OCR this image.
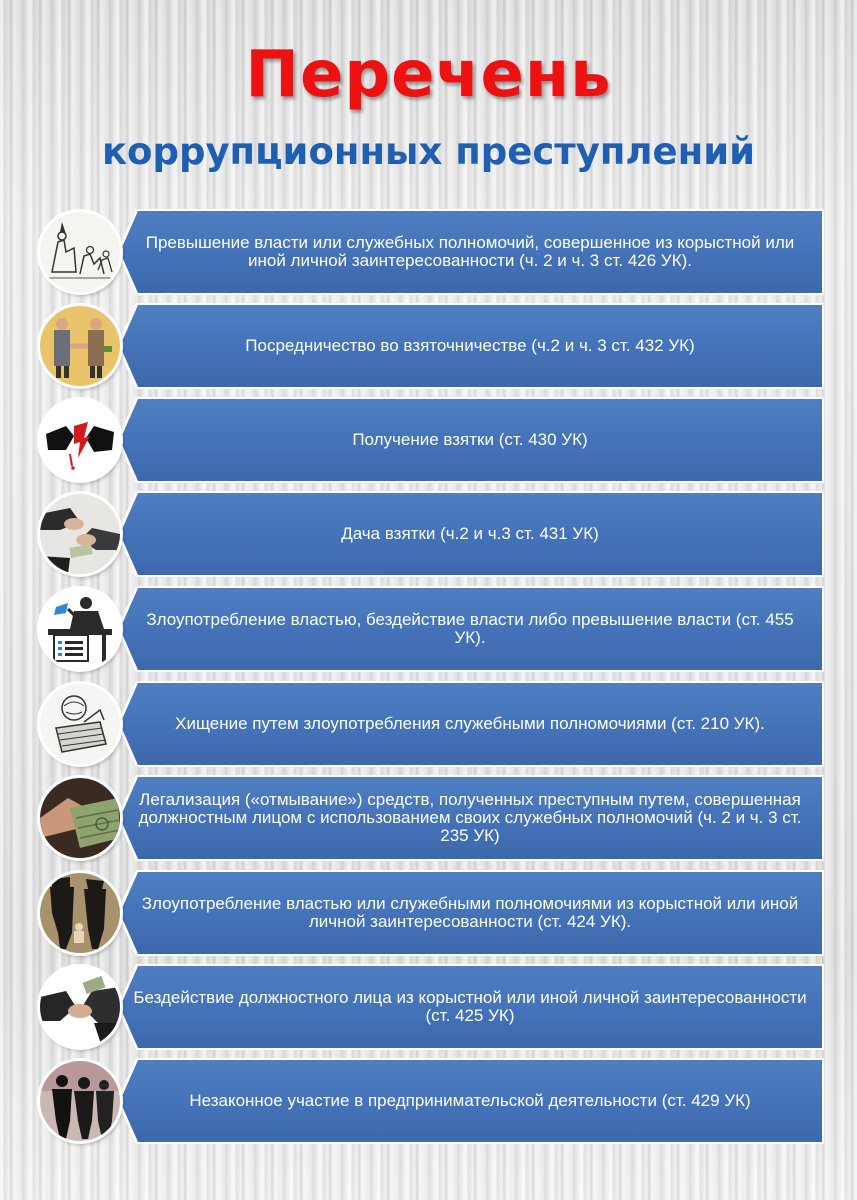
Перечень
коррупционных преступлений
Превышение власти или служебных полномочий, совершенное из корыстной или иной личной заинтересованности (ч. 2 и ч. 3 ст. 426 УК).
Посредничество во взяточничестве (ч.2 и ч. 3 ст. 432 УК)
Получение взятки (ст. 430 УК)
Дача взятки (ч.2 и ч.3 ст. 431 УК)
Злоупотребление властью, бездействие власти либо превышение власти (ст. 455 УК).
Хищение путем злоупотребления служебными полномочиями (ст. 210 УК).
Легализация («отмывание») средств, полученных преступным путем, совершенная должностным лицом с использованием своих служебных полномочий (ч. 2 и ч. 3 ст. 235 УК)
Злоупотребление властью или служебными полномочиями из корыстной или иной личной заинтересованности (ст. 424 УК).
Бездействие должностного лица из корыстной или иной личной заинтересованности (ст. 425 УК)
Незаконное участие в предпринимательской деятельности (ст. 429 УК)
